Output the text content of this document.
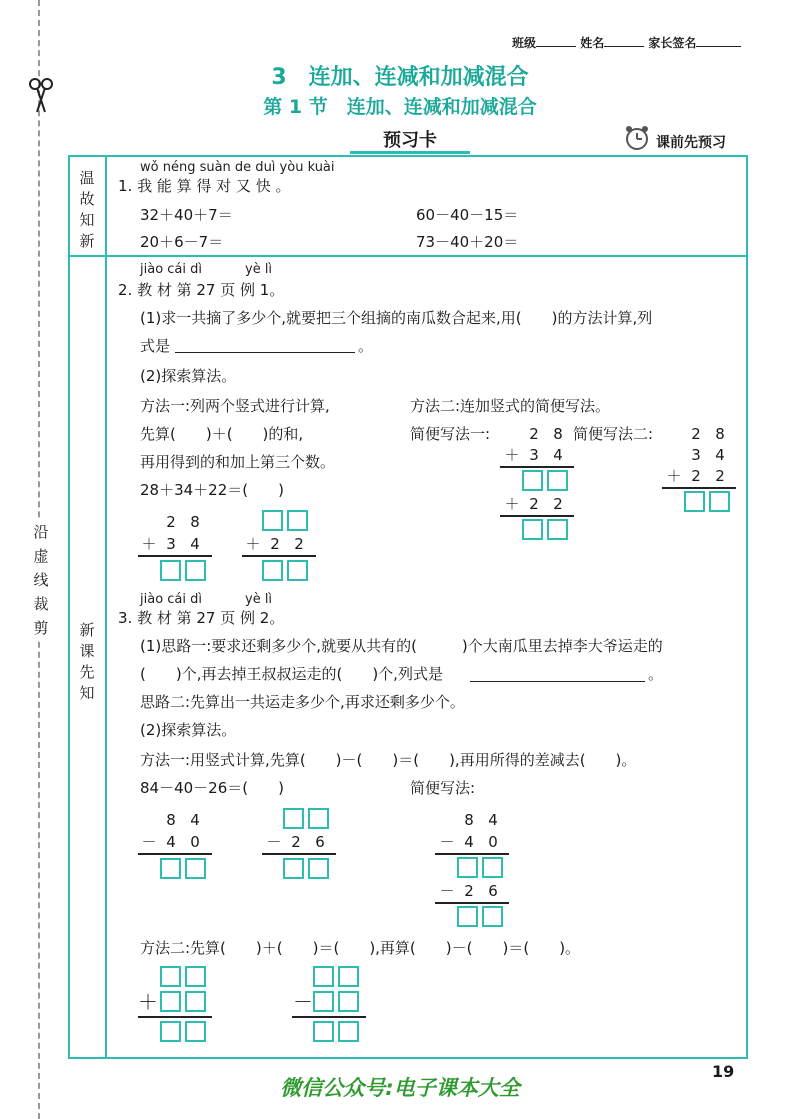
沿
虚
线
裁
剪
班级	姓名	家长签名
3　连加、连减和加减混合
第 1 节　连加、连减和加减混合
预习卡	课前先预习
温
故
知
新
新
课
先
知
wǒ néng suàn de duì yòu kuài
1. 我 能 算 得 对 又 快 。
32＋40＋7＝	60－40－15＝
20＋6－7＝	73－40＋20＝
jiào cái dì	yè lì
2. 教 材 第 27 页 例 1。
(1)求一共摘了多少个,就要把三个组摘的南瓜数合起来,用(　　)的方法计算,列
式是	。
(2)探索算法。
方法一:列两个竖式进行计算,
先算(　　)＋(　　)的和,
再用得到的和加上第三个数。
28＋34＋22＝(　　)
方法二:连加竖式的简便写法。
简便写法一:	简便写法二:
2 8
＋ 3 4	＋ 2 2
2 8
＋ 3 4
＋ 2 2
2 8
3 4
＋ 2 2
jiào cái dì	yè lì
3. 教 材 第 27 页 例 2。
(1)思路一:要求还剩多少个,就要从共有的(　　　)个大南瓜里去掉李大爷运走的
(　　)个,再去掉王叔叔运走的(　　)个,列式是	。
思路二:先算出一共运走多少个,再求还剩多少个。
(2)探索算法。
方法一:用竖式计算,先算(　　)－(　　)＝(　　),再用所得的差减去(　　)。
84－40－26＝(　　)	简便写法:
8 4
－ 4 0	－ 2 6
8 4
－ 4 0
－ 2 6
方法二:先算(　　)＋(　　)＝(　　),再算(　　)－(　　)＝(　　)。
＋	－
微信公众号:电子课本大全
19
